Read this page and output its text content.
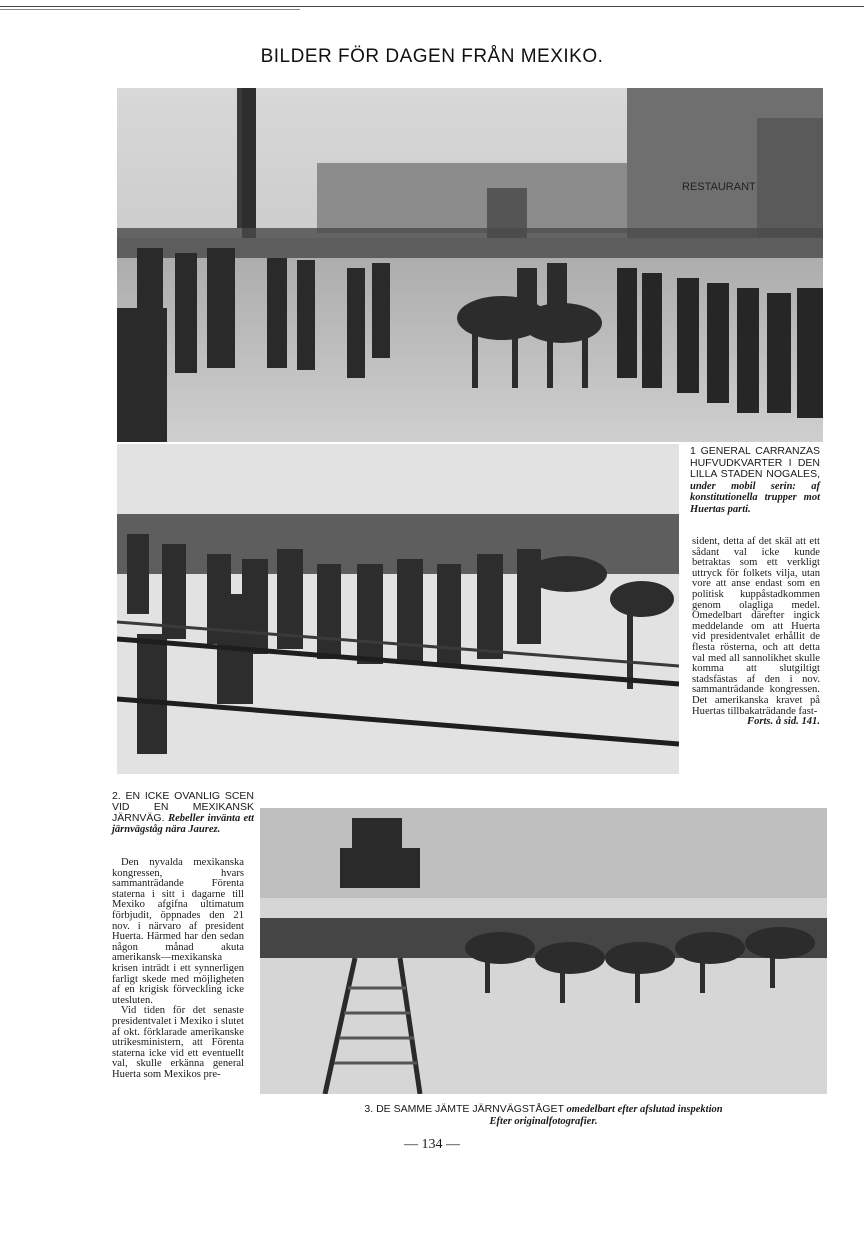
BILDER FÖR DAGEN FRÅN MEXIKO.
RESTAURANT
1 GENERAL CARRANZAS HUFVUDKVARTER I DEN LILLA STADEN NOGALES, under mobil serin: af konstitutionella trupper mot Huertas parti.
sident, detta af det skäl att ett sådant val icke kunde betraktas som ett verkligt uttryck för folkets vilja, utan vore att anse endast som en politisk kuppåstadkommen genom olagliga medel. Omedelbart därefter ingick meddelande om att Huerta vid presidentvalet erhållit de flesta rösterna, och att detta val med all sannolikhet skulle komma att slutgiltigt stadsfästas af den i nov. sammanträdande kongressen. Det amerikanska kravet på Huertas tillbakaträdande fast-
Forts. å sid. 141.
2. EN ICKE OVANLIG SCEN VID EN MEXIKANSK JÄRNVÄG. Rebeller invänta ett järnvägståg nära Jaurez.

Den nyvalda mexikanska kongressen, hvars sammanträdande Förenta staterna i sitt i dagarne till Mexiko afgifna ultimatum förbjudit, öppnades den 21 nov. i närvaro af president Huerta. Härmed har den sedan någon månad akuta amerikansk—mexikanska krisen inträdt i ett synnerligen farligt skede med möjligheten af en krigisk förveckling icke utesluten.

Vid tiden för det senaste presidentvalet i Mexiko i slutet af okt. förklarade amerikanske utrikesministern, att Förenta staterna icke vid ett eventuellt val, skulle erkänna general Huerta som Mexikos pre-

3. DE SAMME JÄMTE JÄRNVÄGSTÅGET omedelbart efter afslutad inspektion
Efter originalfotografier.
— 134 —
